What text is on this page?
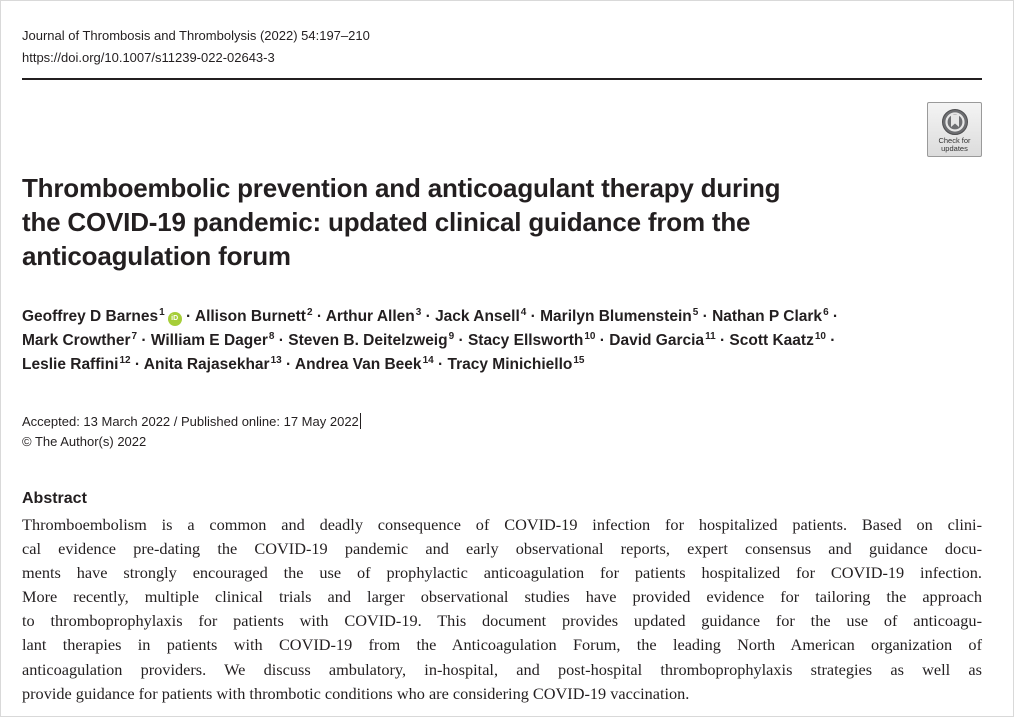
Journal of Thrombosis and Thrombolysis (2022) 54:197–210
https://doi.org/10.1007/s11239-022-02643-3
Check for
updates
Thromboembolic prevention and anticoagulant therapy during
the COVID-19 pandemic: updated clinical guidance from the
anticoagulation forum
Geoffrey D Barnes$^1$iD · Allison Burnett$^2$ · Arthur Allen$^3$ · Jack Ansell$^4$ · Marilyn Blumenstein$^5$ · Nathan P Clark$^6$ ·
Mark Crowther$^7$ · William E Dager$^8$ · Steven B. Deitelzweig$^9$ · Stacy Ellsworth$^{10}$ · David Garcia$^{11}$ · Scott Kaatz$^{10}$ ·
Leslie Raffini$^{12}$ · Anita Rajasekhar$^{13}$ · Andrea Van Beek$^{14}$ · Tracy Minichiello$^{15}$
Accepted: 13 March 2022 / Published online: 17 May 2022
© The Author(s) 2022
Abstract
Thromboembolism is a common and deadly consequence of COVID-19 infection for hospitalized patients. Based on clini-
cal evidence pre-dating the COVID-19 pandemic and early observational reports, expert consensus and guidance docu-
ments have strongly encouraged the use of prophylactic anticoagulation for patients hospitalized for COVID-19 infection.
More recently, multiple clinical trials and larger observational studies have provided evidence for tailoring the approach
to thromboprophylaxis for patients with COVID-19. This document provides updated guidance for the use of anticoagu-
lant therapies in patients with COVID-19 from the Anticoagulation Forum, the leading North American organization of
anticoagulation providers. We discuss ambulatory, in-hospital, and post-hospital thromboprophylaxis strategies as well as
provide guidance for patients with thrombotic conditions who are considering COVID-19 vaccination.
